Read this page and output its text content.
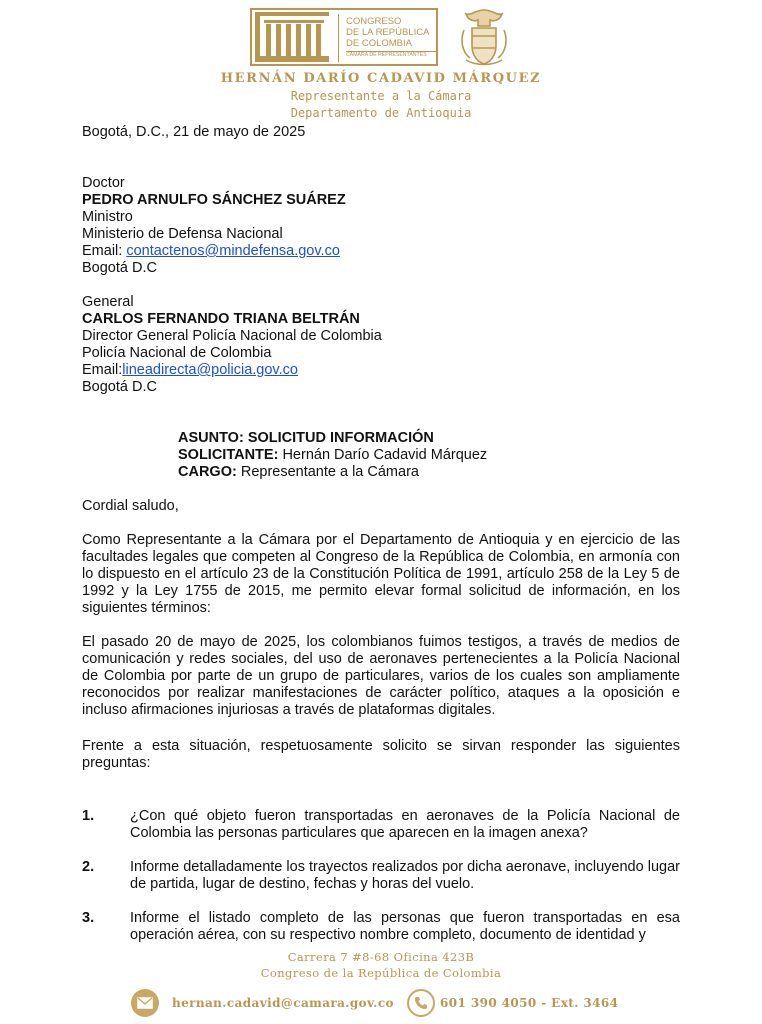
CONGRESO
DE LA REPÚBLICA
DE COLOMBIA
CÁMARA DE REPRESENTANTES
HERNÁN DARÍO CADAVID MÁRQUEZ
Representante a la Cámara
Departamento de Antioquia
Bogotá, D.C., 21 de mayo de 2025
Doctor
PEDRO ARNULFO SÁNCHEZ SUÁREZ
Ministro
Ministerio de Defensa Nacional
Email: contactenos@mindefensa.gov.co
Bogotá D.C
General
CARLOS FERNANDO TRIANA BELTRÁN
Director General Policía Nacional de Colombia
Policía Nacional de Colombia
Email:lineadirecta@policia.gov.co
Bogotá D.C
ASUNTO: SOLICITUD INFORMACIÓN
SOLICITANTE: Hernán Darío Cadavid Márquez
CARGO: Representante a la Cámara
Cordial saludo,
Como Representante a la Cámara por el Departamento de Antioquia y en ejercicio de las facultades legales que competen al Congreso de la República de Colombia, en armonía con lo dispuesto en el artículo 23 de la Constitución Política de 1991, artículo 258 de la Ley 5 de 1992 y la Ley 1755 de 2015, me permito elevar formal solicitud de información, en los siguientes términos:
El pasado 20 de mayo de 2025, los colombianos fuimos testigos, a través de medios de comunicación y redes sociales, del uso de aeronaves pertenecientes a la Policía Nacional de Colombia por parte de un grupo de particulares, varios de los cuales son ampliamente reconocidos por realizar manifestaciones de carácter político, ataques a la oposición e incluso afirmaciones injuriosas a través de plataformas digitales.
Frente a esta situación, respetuosamente solicito se sirvan responder las siguientes preguntas:
1. ¿Con qué objeto fueron transportadas en aeronaves de la Policía Nacional de Colombia las personas particulares que aparecen en la imagen anexa?
2. Informe detalladamente los trayectos realizados por dicha aeronave, incluyendo lugar de partida, lugar de destino, fechas y horas del vuelo.
3. Informe el listado completo de las personas que fueron transportadas en esa operación aérea, con su respectivo nombre completo, documento de identidad y
Carrera 7 #8-68 Oficina 423B
Congreso de la República de Colombia
hernan.cadavid@camara.gov.co	601 390 4050 - Ext. 3464
